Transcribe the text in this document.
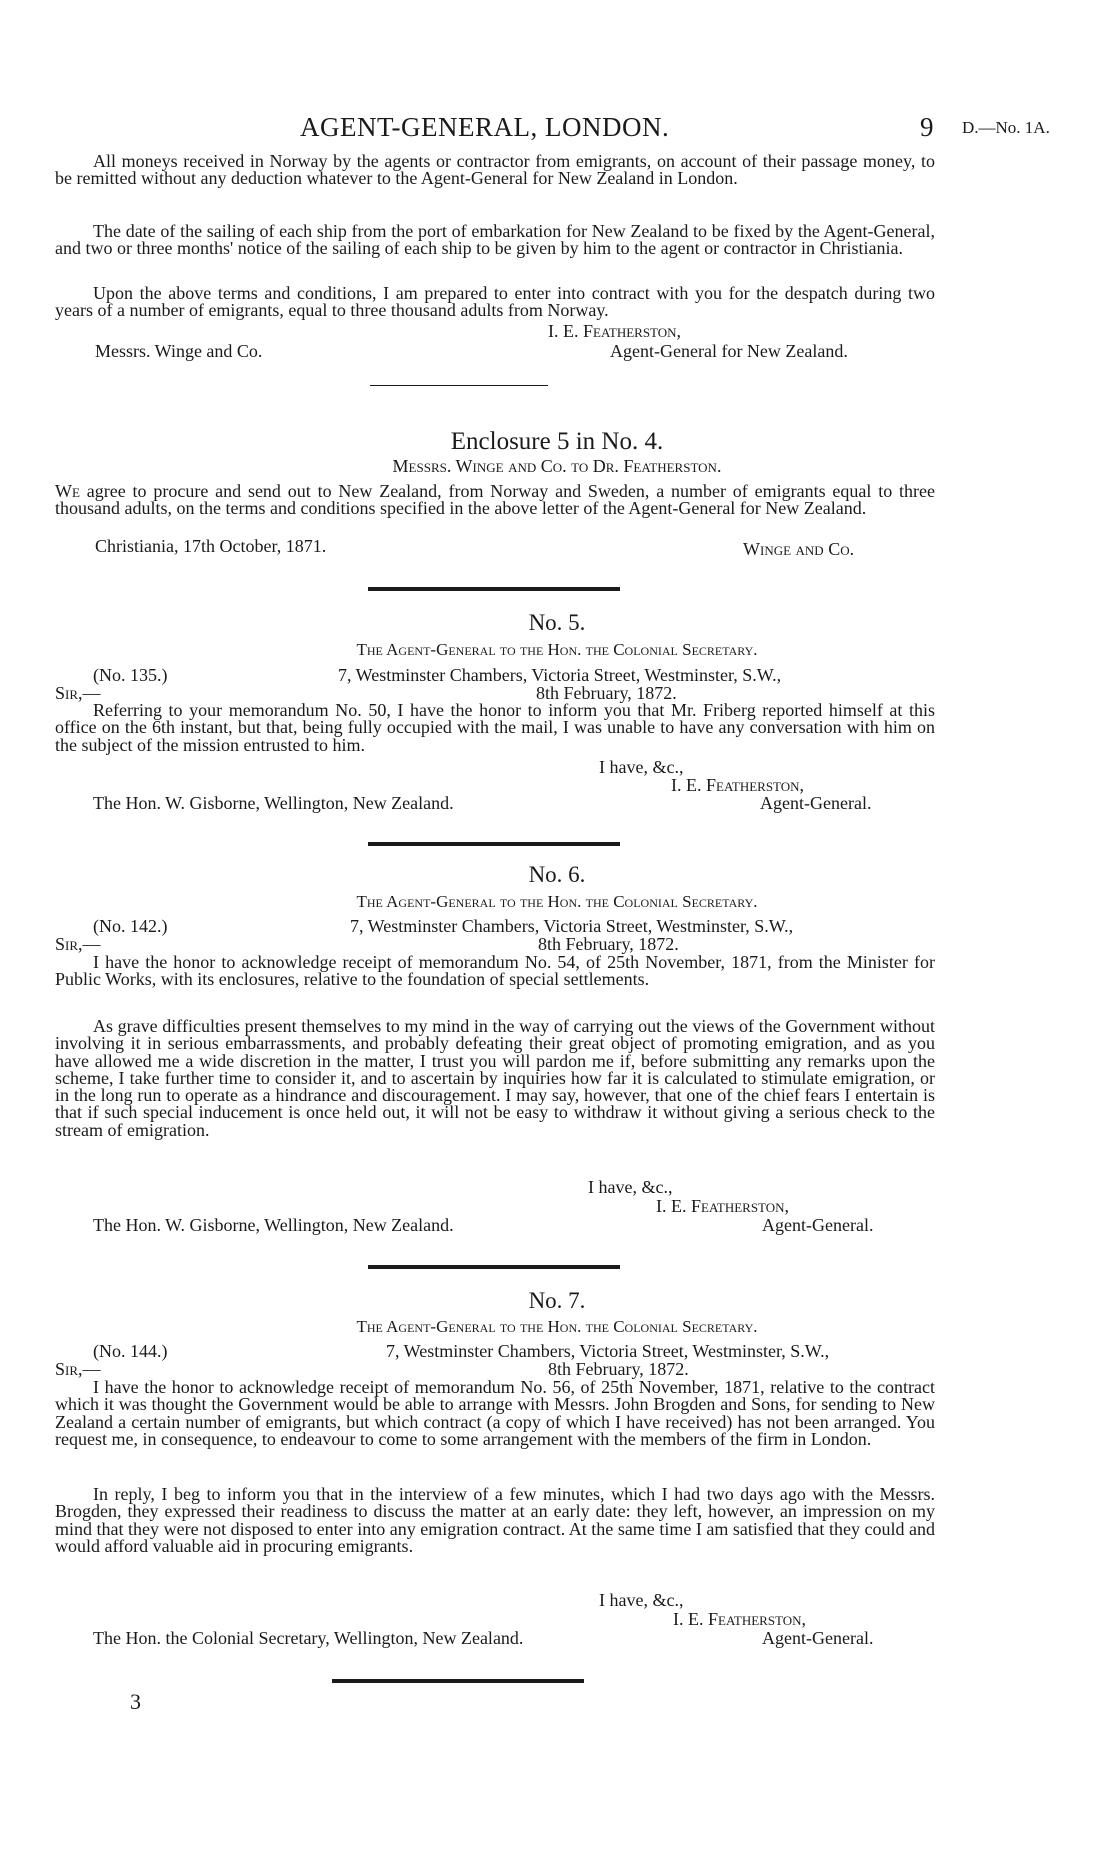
AGENT-GENERAL, LONDON.	9 D.—No. 1A.
All moneys received in Norway by the agents or contractor from emigrants, on account of their passage money, to be remitted without any deduction whatever to the Agent-General for New Zealand in London.
The date of the sailing of each ship from the port of embarkation for New Zealand to be fixed by the Agent-General, and two or three months' notice of the sailing of each ship to be given by him to the agent or contractor in Christiania.
Upon the above terms and conditions, I am prepared to enter into contract with you for the despatch during two years of a number of emigrants, equal to three thousand adults from Norway.
I. E. Featherston,
Messrs. Winge and Co.	Agent-General for New Zealand.
Enclosure 5 in No. 4.
Messrs. Winge and Co. to Dr. Featherston.
We agree to procure and send out to New Zealand, from Norway and Sweden, a number of emigrants equal to three thousand adults, on the terms and conditions specified in the above letter of the Agent-General for New Zealand.
Christiania, 17th October, 1871.	Winge and Co.
No. 5.
The Agent-General to the Hon. the Colonial Secretary.
(No. 135.)	7, Westminster Chambers, Victoria Street, Westminster, S.W.,
Sir,—	8th February, 1872.
Referring to your memorandum No. 50, I have the honor to inform you that Mr. Friberg reported himself at this office on the 6th instant, but that, being fully occupied with the mail, I was unable to have any conversation with him on the subject of the mission entrusted to him.
I have, &c.,
I. E. Featherston,
The Hon. W. Gisborne, Wellington, New Zealand.	Agent-General.
No. 6.
The Agent-General to the Hon. the Colonial Secretary.
(No. 142.)	7, Westminster Chambers, Victoria Street, Westminster, S.W.,
Sir,—	8th February, 1872.
I have the honor to acknowledge receipt of memorandum No. 54, of 25th November, 1871, from the Minister for Public Works, with its enclosures, relative to the foundation of special settlements.
As grave difficulties present themselves to my mind in the way of carrying out the views of the Government without involving it in serious embarrassments, and probably defeating their great object of promoting emigration, and as you have allowed me a wide discretion in the matter, I trust you will pardon me if, before submitting any remarks upon the scheme, I take further time to consider it, and to ascertain by inquiries how far it is calculated to stimulate emigration, or in the long run to operate as a hindrance and discouragement. I may say, however, that one of the chief fears I entertain is that if such special inducement is once held out, it will not be easy to withdraw it without giving a serious check to the stream of emigration.
I have, &c.,
I. E. Featherston,
The Hon. W. Gisborne, Wellington, New Zealand.	Agent-General.
No. 7.
The Agent-General to the Hon. the Colonial Secretary.
(No. 144.)	7, Westminster Chambers, Victoria Street, Westminster, S.W.,
Sir,—	8th February, 1872.
I have the honor to acknowledge receipt of memorandum No. 56, of 25th November, 1871, relative to the contract which it was thought the Government would be able to arrange with Messrs. John Brogden and Sons, for sending to New Zealand a certain number of emigrants, but which contract (a copy of which I have received) has not been arranged. You request me, in consequence, to endeavour to come to some arrangement with the members of the firm in London.
In reply, I beg to inform you that in the interview of a few minutes, which I had two days ago with the Messrs. Brogden, they expressed their readiness to discuss the matter at an early date: they left, however, an impression on my mind that they were not disposed to enter into any emigration contract. At the same time I am satisfied that they could and would afford valuable aid in procuring emigrants.
I have, &c.,
I. E. Featherston,
The Hon. the Colonial Secretary, Wellington, New Zealand.	Agent-General.
3
